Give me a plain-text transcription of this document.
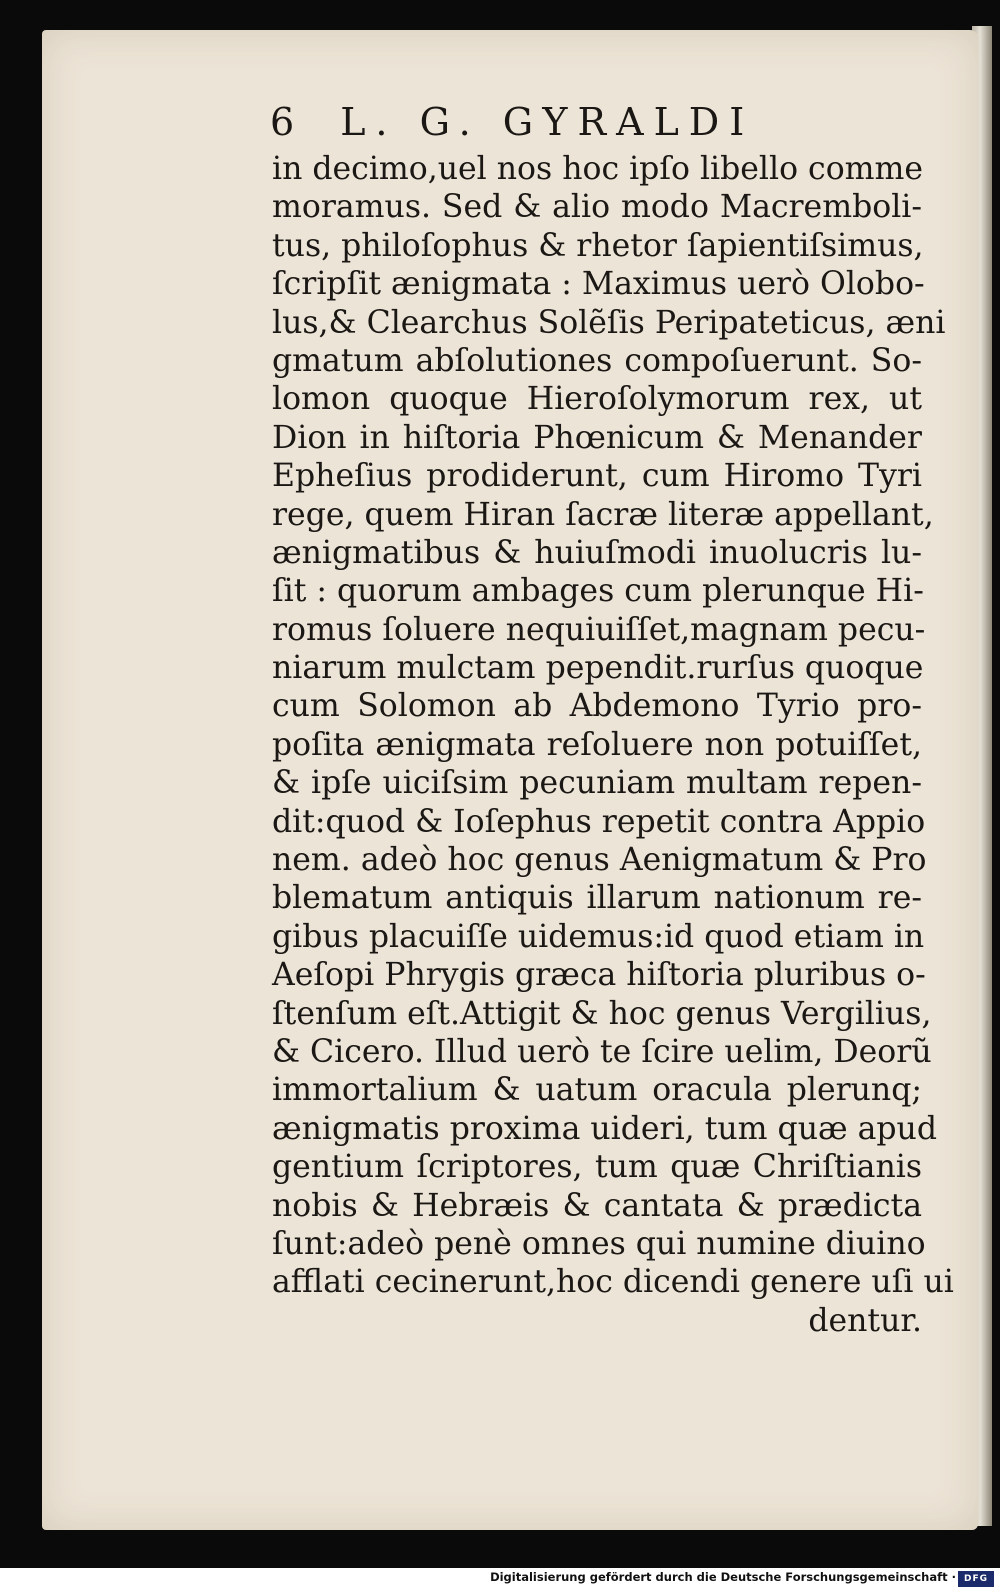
6 L. G. GYRALDI
in decimo,uel nos hoc ipſo libello comme
moramus. Sed & alio modo Macremboli-
tus, philoſophus & rhetor ſapientiſsimus,
ſcripſit ænigmata : Maximus uerò Olobo-
lus,& Clearchus Solẽſis Peripateticus, æni
gmatum abſolutiones compoſuerunt. So-
lomon quoque Hieroſolymorum rex, ut
Dion in hiſtoria Phœnicum & Menander
Epheſius prodiderunt, cum Hiromo Tyri
rege, quem Hiran ſacræ literæ appellant,
ænigmatibus & huiuſmodi inuolucris lu-
ſit : quorum ambages cum plerunque Hi-
romus ſoluere nequiuiſſet,magnam pecu-
niarum mulctam pependit.rurſus quoque
cum Solomon ab Abdemono Tyrio pro-
poſita ænigmata reſoluere non potuiſſet,
& ipſe uiciſsim pecuniam multam repen-
dit:quod & Ioſephus repetit contra Appio
nem. adeò hoc genus Aenigmatum & Pro
blematum antiquis illarum nationum re-
gibus placuiſſe uidemus:id quod etiam in
Aeſopi Phrygis græca hiſtoria pluribus o-
ſtenſum eſt.Attigit & hoc genus Vergilius,
& Cicero. Illud uerò te ſcire uelim, Deorũ
immortalium & uatum oracula plerunq;
ænigmatis proxima uideri, tum quæ apud
gentium ſcriptores, tum quæ Chriſtianis
nobis & Hebræis & cantata & prædicta
ſunt:adeò penè omnes qui numine diuino
afflati cecinerunt,hoc dicendi genere uſi ui
dentur.
Digitalisierung gefördert durch die Deutsche Forschungsgemeinschaft · DFG
